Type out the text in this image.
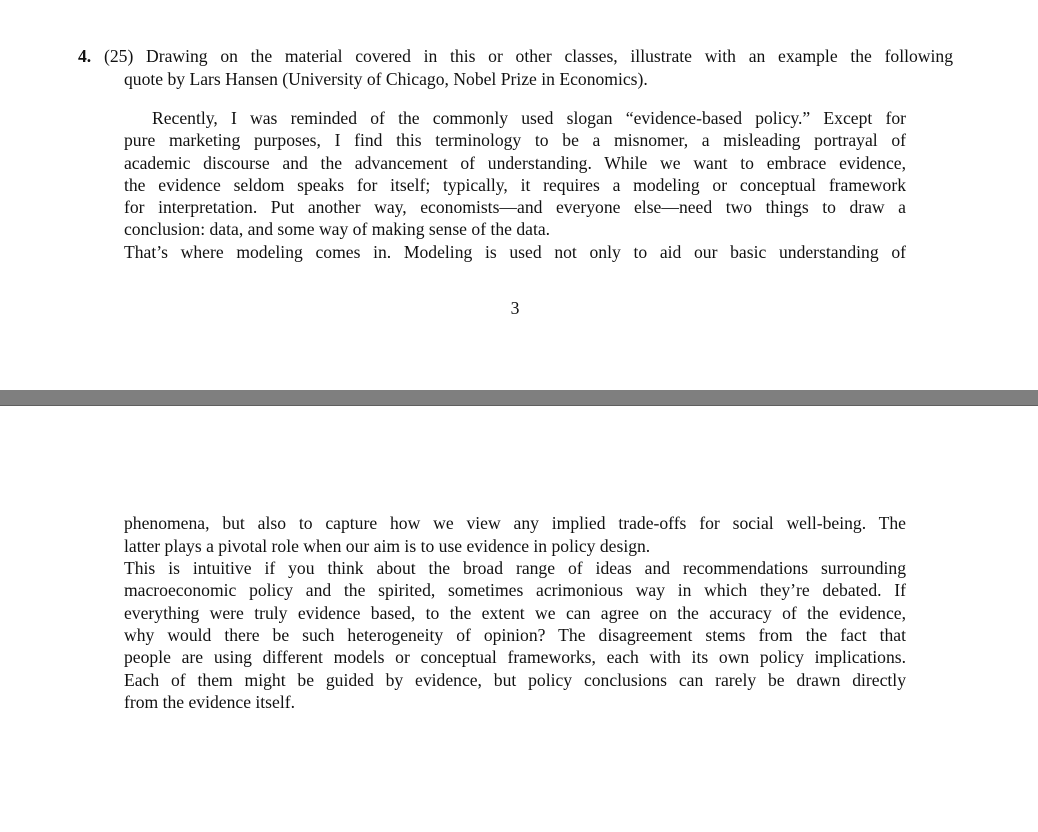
4. (25) Drawing on the material covered in this or other classes, illustrate with an example the following
quote by Lars Hansen (University of Chicago, Nobel Prize in Economics).
Recently, I was reminded of the commonly used slogan “evidence-based policy.” Except for
pure marketing purposes, I find this terminology to be a misnomer, a misleading portrayal of
academic discourse and the advancement of understanding. While we want to embrace evidence,
the evidence seldom speaks for itself; typically, it requires a modeling or conceptual framework
for interpretation. Put another way, economists—and everyone else—need two things to draw a
conclusion: data, and some way of making sense of the data.
That’s where modeling comes in. Modeling is used not only to aid our basic understanding of
3
phenomena, but also to capture how we view any implied trade-offs for social well-being. The
latter plays a pivotal role when our aim is to use evidence in policy design.
This is intuitive if you think about the broad range of ideas and recommendations surrounding
macroeconomic policy and the spirited, sometimes acrimonious way in which they’re debated. If
everything were truly evidence based, to the extent we can agree on the accuracy of the evidence,
why would there be such heterogeneity of opinion? The disagreement stems from the fact that
people are using different models or conceptual frameworks, each with its own policy implications.
Each of them might be guided by evidence, but policy conclusions can rarely be drawn directly
from the evidence itself.
